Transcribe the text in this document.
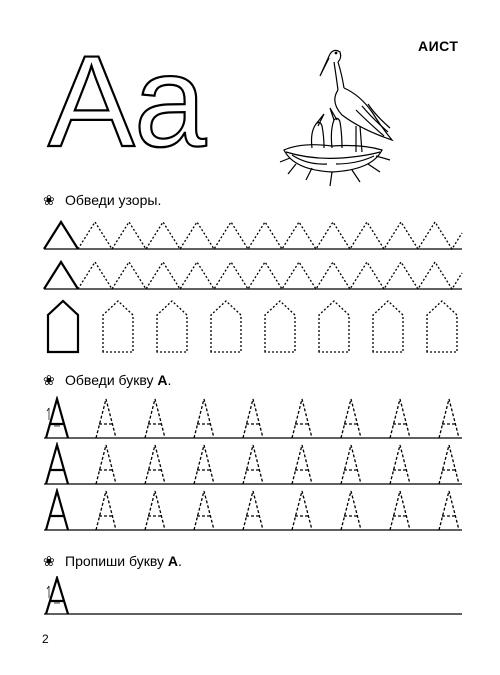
A a	АИСТ
❀ Обведи узоры.
❀ Обведи букву А.
❀ Пропиши букву А.
2
